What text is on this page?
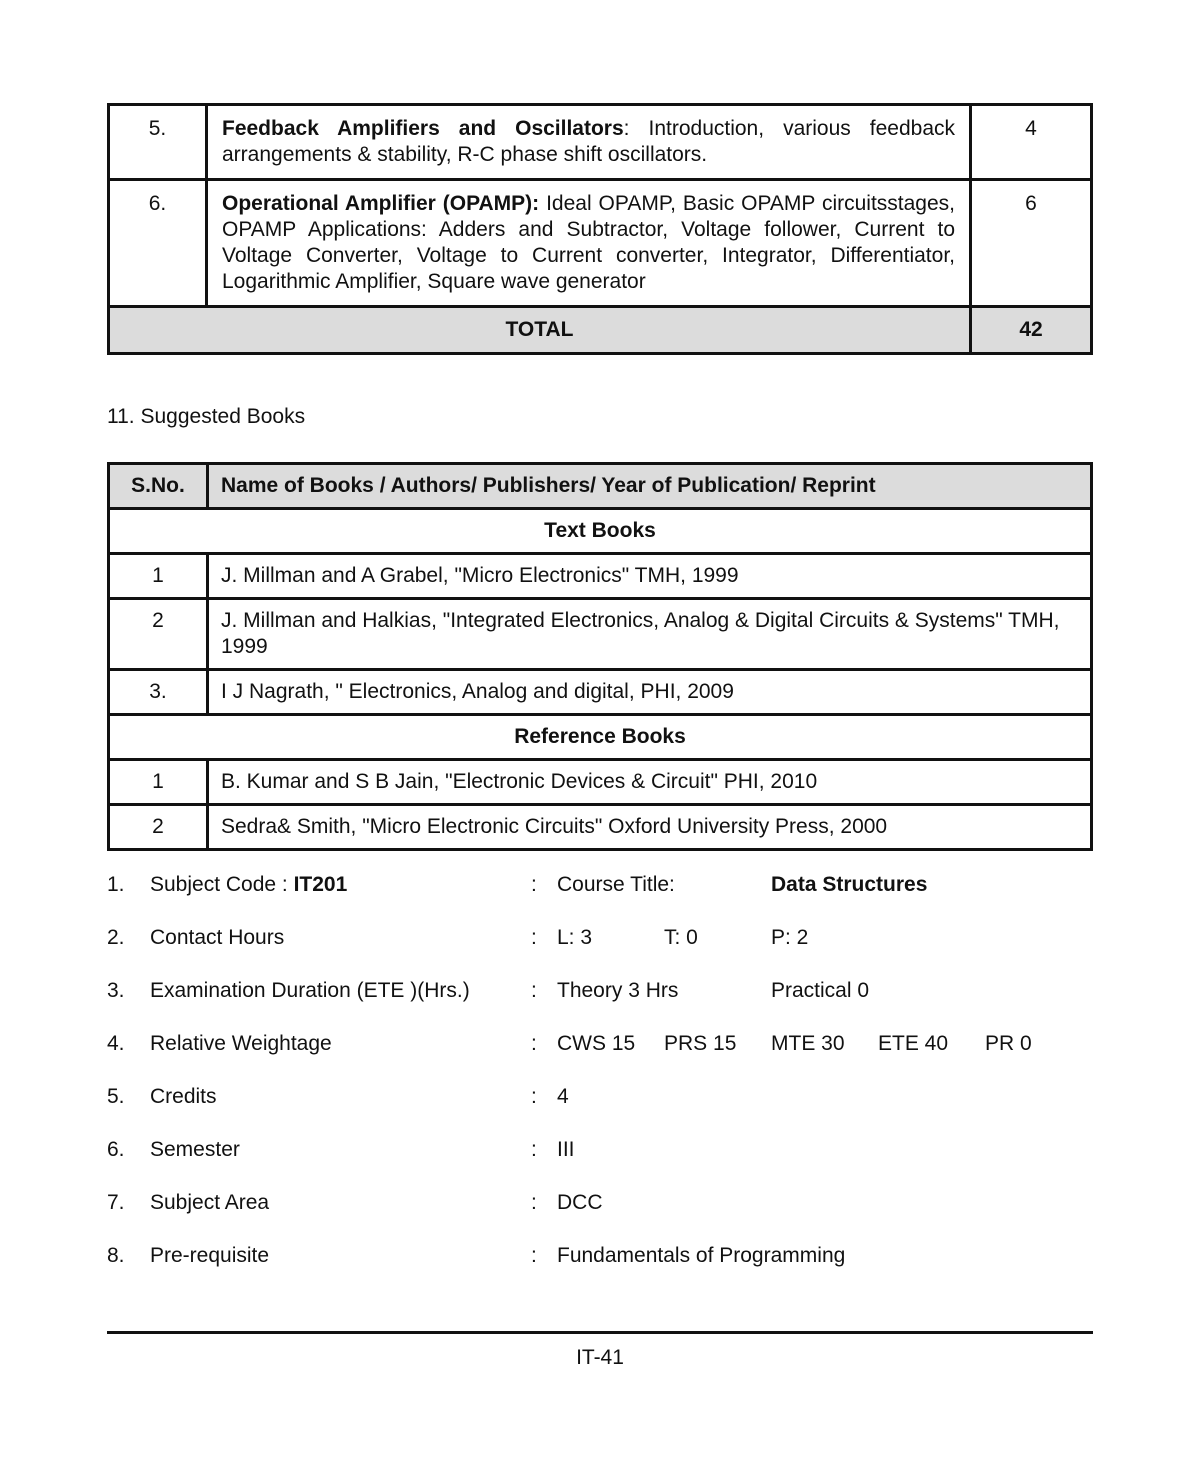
5.	Feedback Amplifiers and Oscillators: Introduction, various feedback arrangements & stability, R-C phase shift oscillators.	4
6.	Operational Amplifier (OPAMP): Ideal OPAMP, Basic OPAMP circuitsstages, OPAMP Applications: Adders and Subtractor, Voltage follower, Current to Voltage Converter, Voltage to Current converter, Integrator, Differentiator, Logarithmic Amplifier, Square wave generator	6
TOTAL		42
11. Suggested Books
S.No.	Name of Books / Authors/ Publishers/ Year of Publication/ Reprint
Text Books	
1	J. Millman and A Grabel, "Micro Electronics" TMH, 1999
2	J. Millman and Halkias, "Integrated Electronics, Analog & Digital Circuits & Systems" TMH, 1999
3.	I J Nagrath, " Electronics, Analog and digital, PHI, 2009
Reference Books	
1	B. Kumar and S B Jain, "Electronic Devices & Circuit" PHI, 2010
2	Sedra& Smith, "Micro Electronic Circuits" Oxford University Press, 2000
1. Subject Code : IT201	: Course Title:	Data Structures
2. Contact Hours	: L: 3	T: 0	P: 2
3. Examination Duration (ETE )(Hrs.)	: Theory 3 Hrs	Practical 0
4. Relative Weightage	: CWS 15 PRS 15 MTE 30 ETE 40 PR 0
5. Credits	: 4
6. Semester	: III
7. Subject Area	: DCC
8. Pre-requisite	: Fundamentals of Programming
IT-41
